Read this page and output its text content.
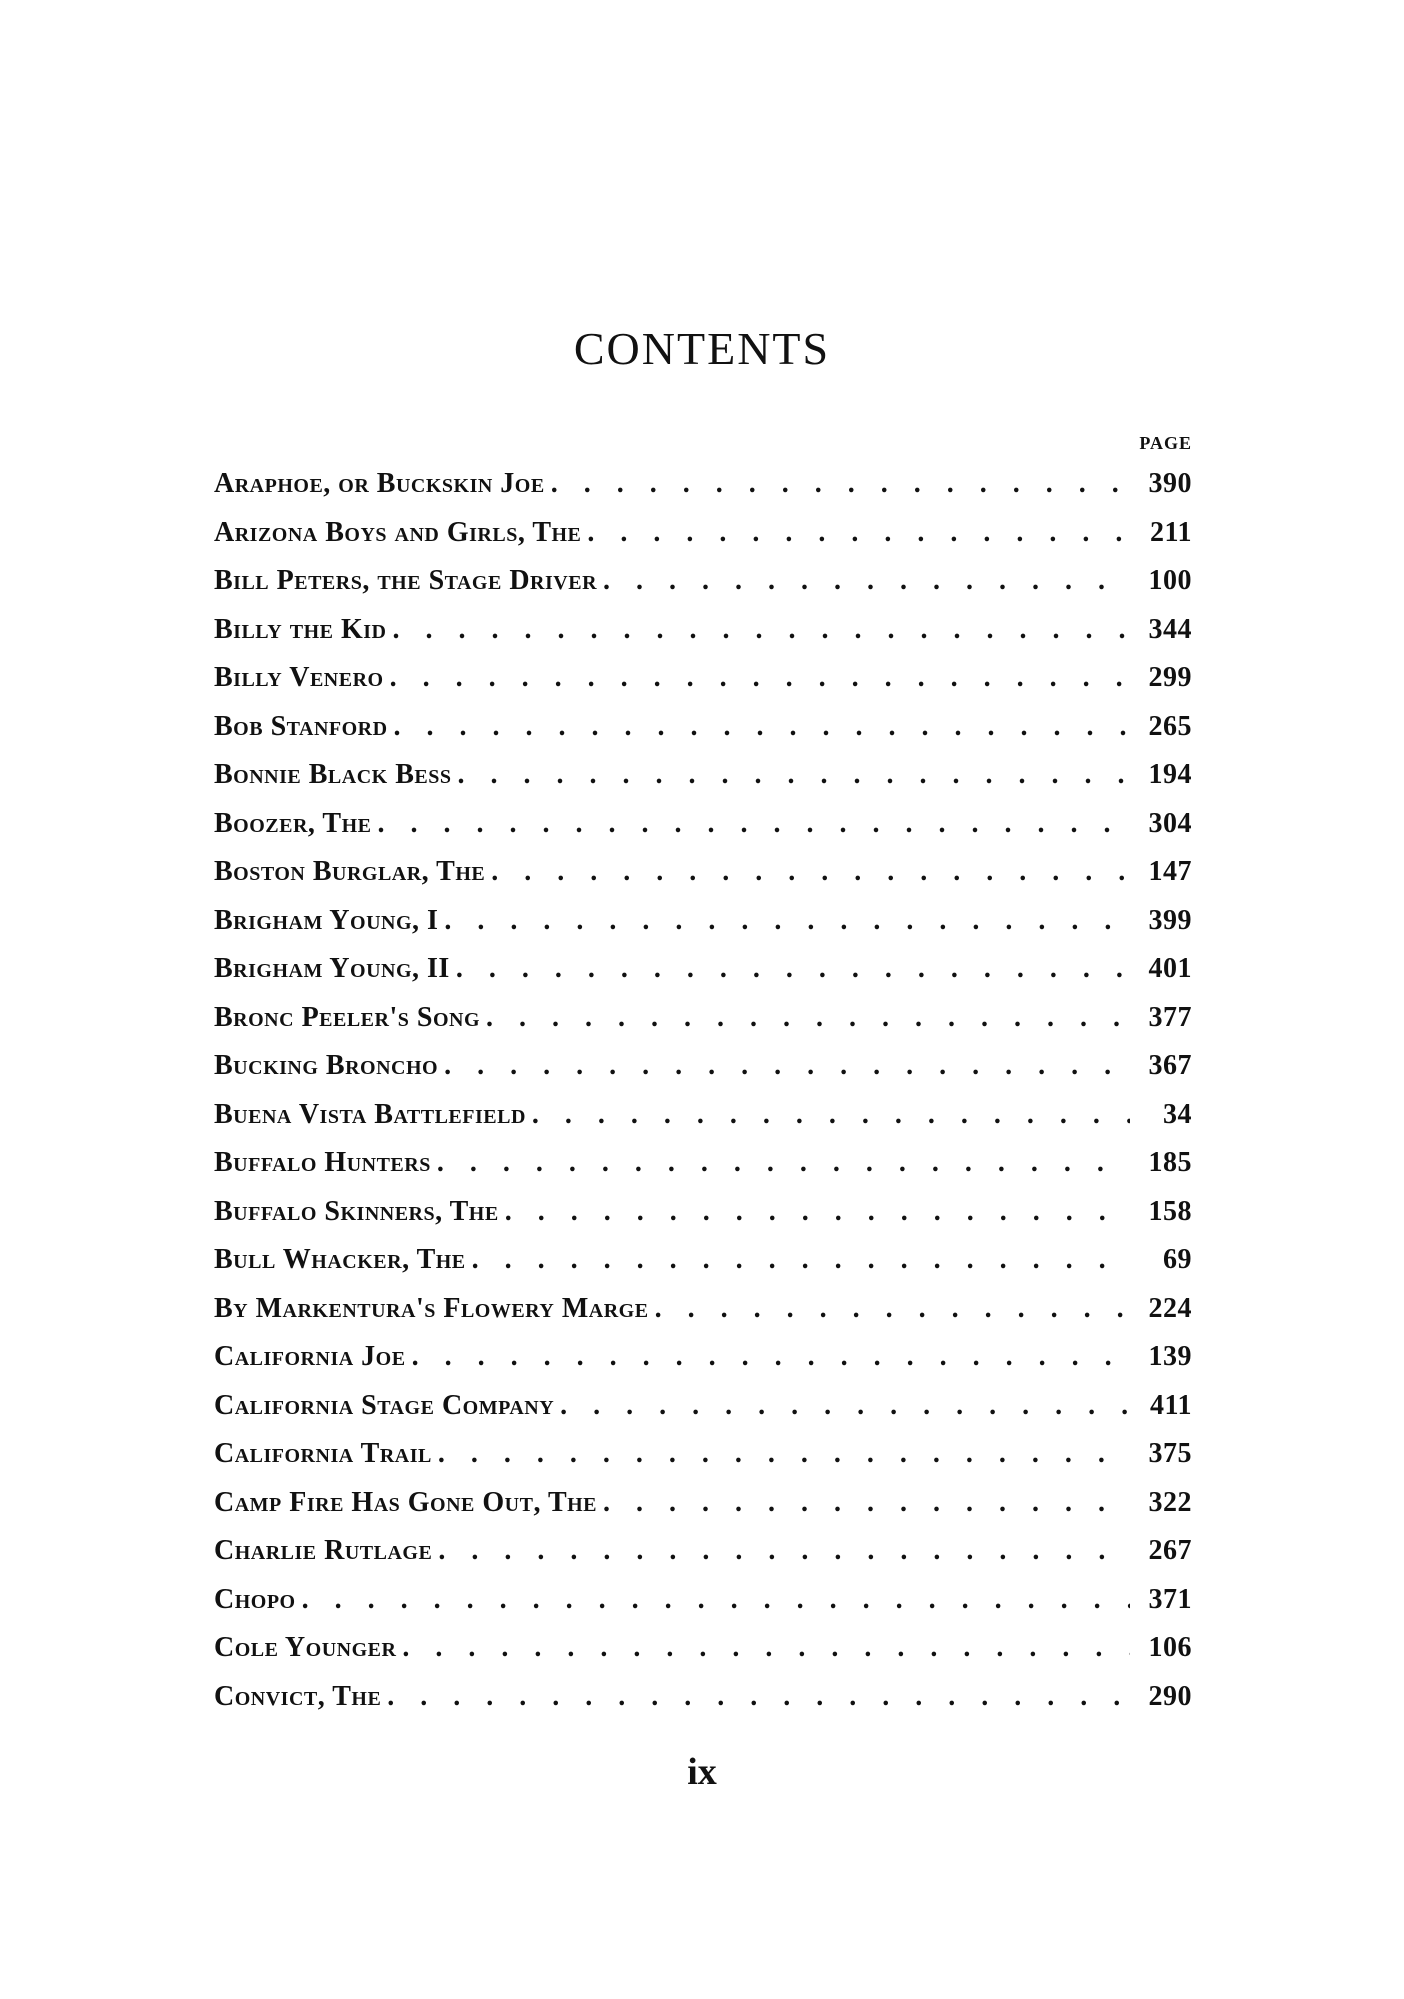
CONTENTS
PAGE
Araphoe, or Buckskin Joe . . .	390
Arizona Boys and Girls, The . . .	211
Bill Peters, the Stage Driver . . .	100
Billy the Kid . . .	344
Billy Venero . . .	299
Bob Stanford . . .	265
Bonnie Black Bess . . .	194
Boozer, The . . .	304
Boston Burglar, The . . .	147
Brigham Young, I . . .	399
Brigham Young, II . . .	401
Bronc Peeler's Song . . .	377
Bucking Broncho . . .	367
Buena Vista Battlefield . . .	34
Buffalo Hunters . . .	185
Buffalo Skinners, The . . .	158
Bull Whacker, The . . .	69
By Markentura's Flowery Marge . . .	224
California Joe . . .	139
California Stage Company . . .	411
California Trail . . .	375
Camp Fire Has Gone Out, The . . .	322
Charlie Rutlage . . .	267
Chopo . . .	371
Cole Younger . . .	106
Convict, The . . .	290
ix
